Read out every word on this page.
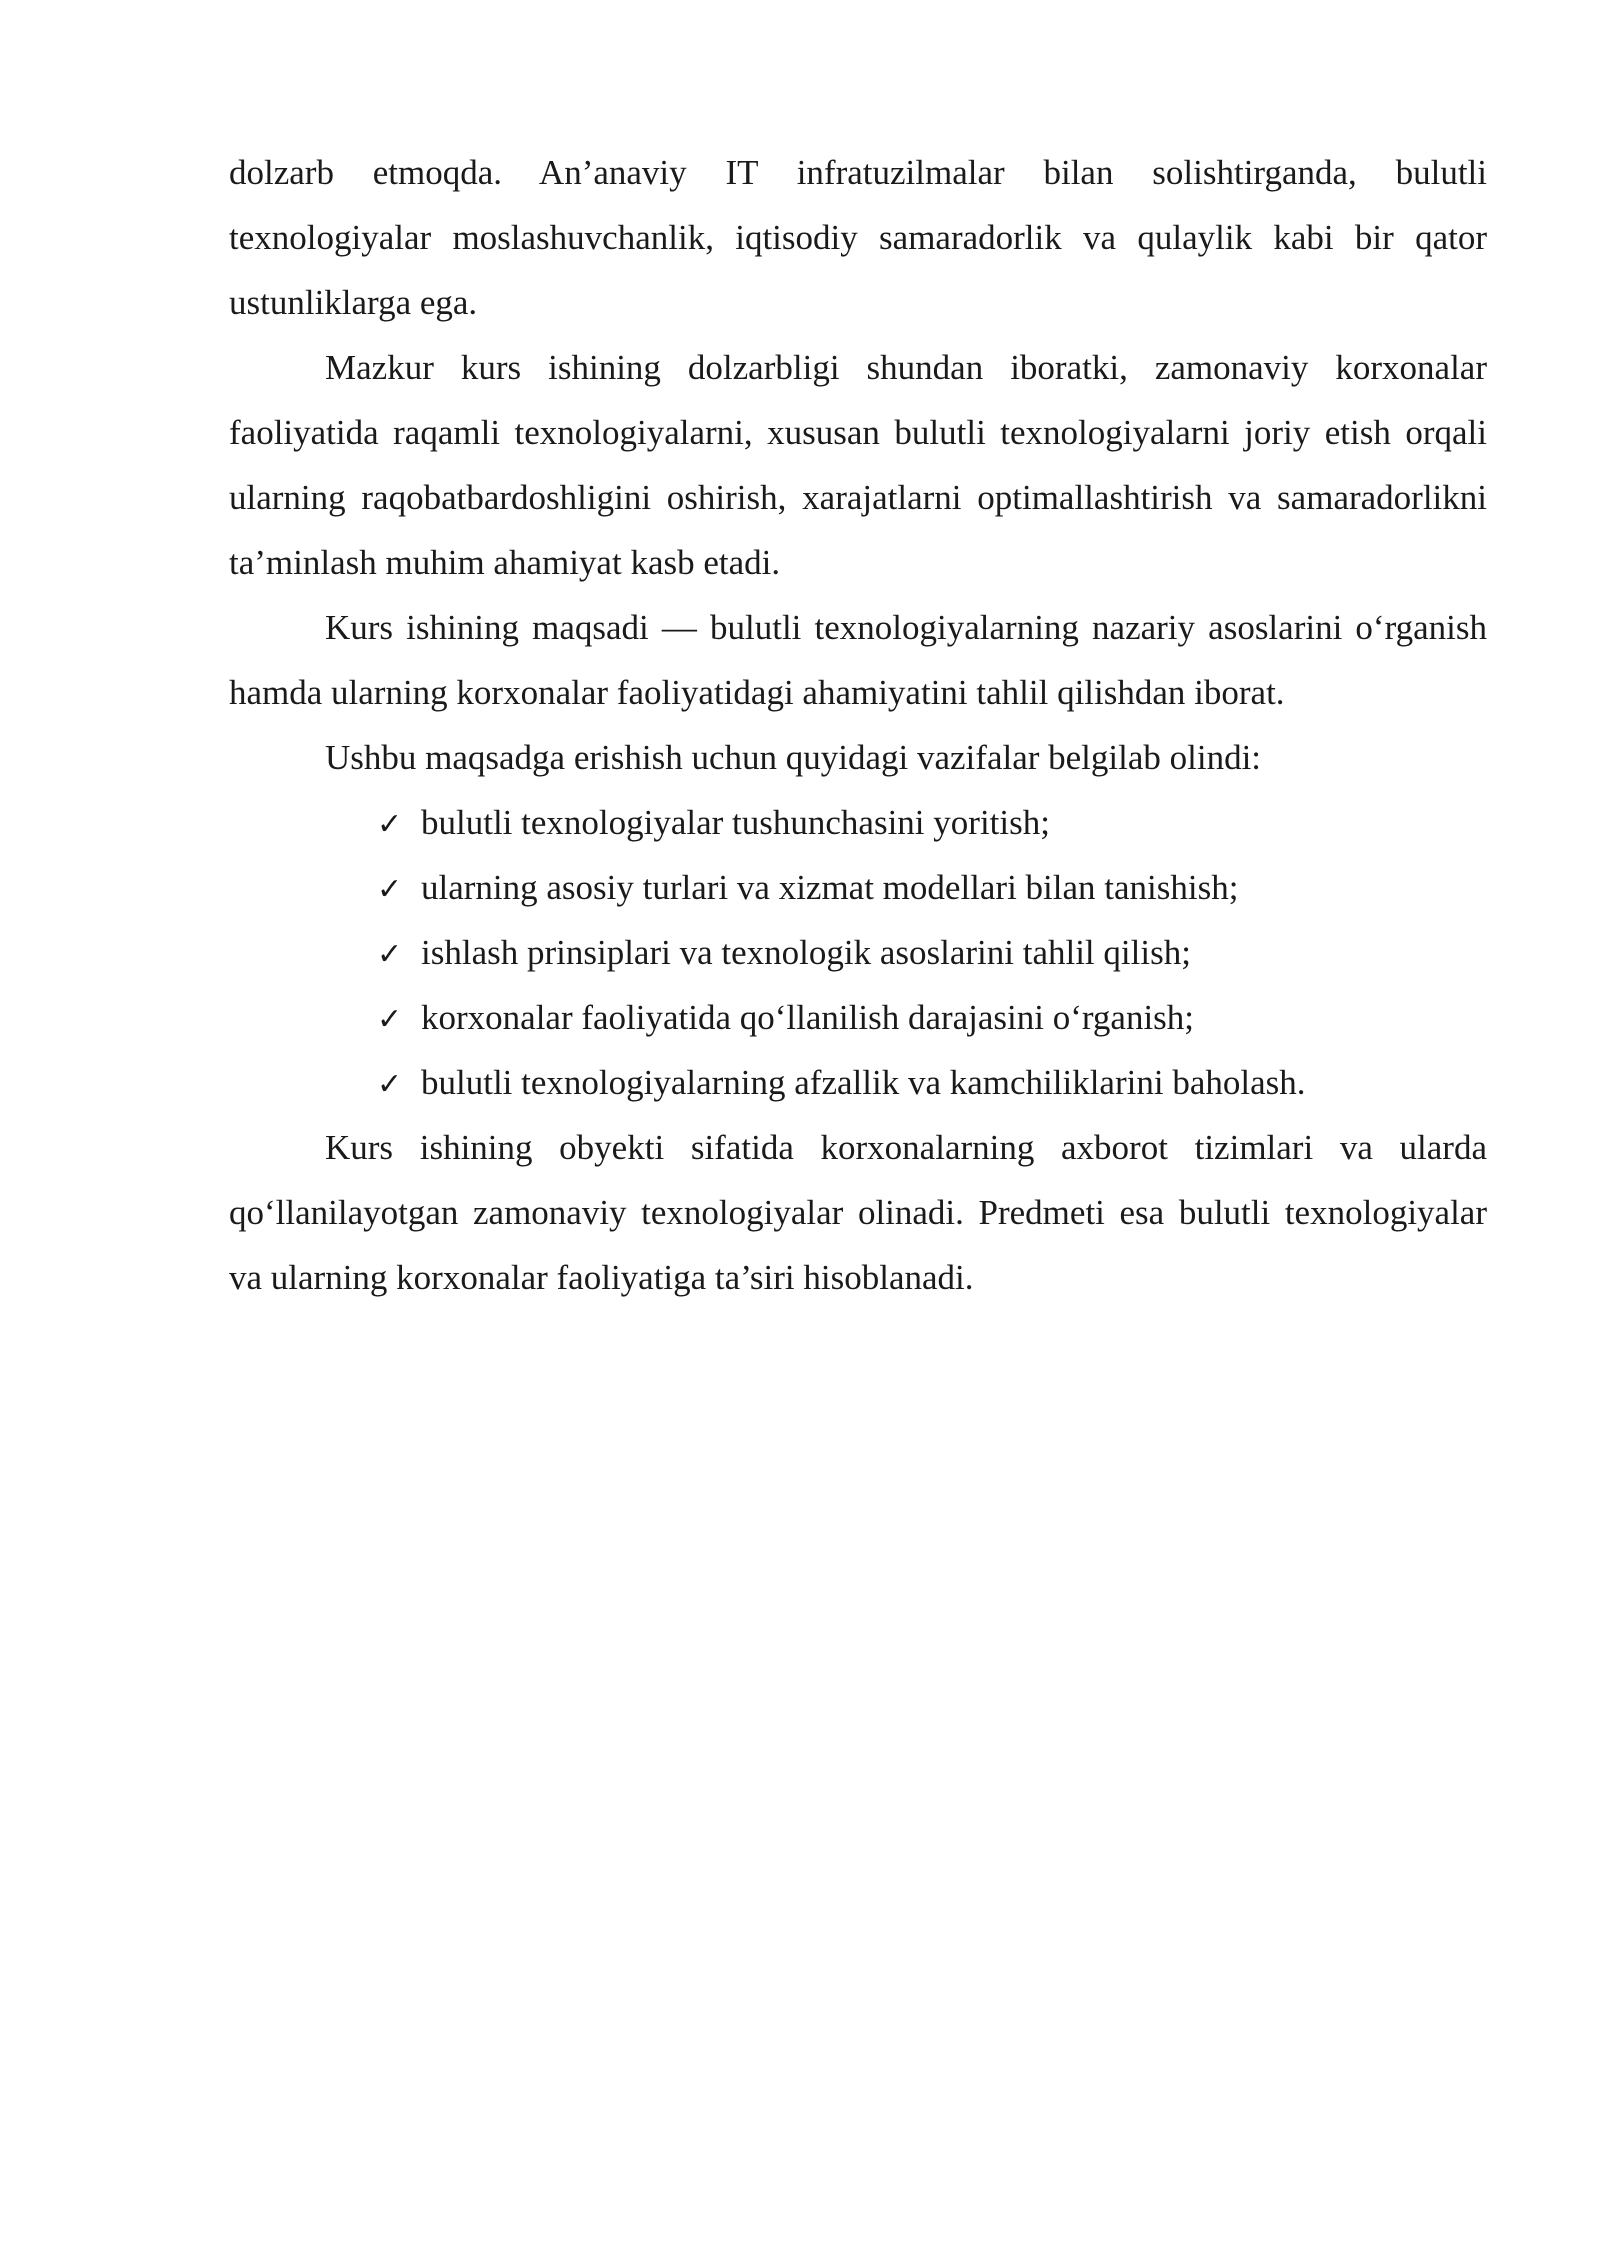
dolzarb etmoqda. An’anaviy IT infratuzilmalar bilan solishtirganda, bulutli texnologiyalar moslashuvchanlik, iqtisodiy samaradorlik va qulaylik kabi bir qator ustunliklarga ega.

Mazkur kurs ishining dolzarbligi shundan iboratki, zamonaviy korxonalar faoliyatida raqamli texnologiyalarni, xususan bulutli texnologiyalarni joriy etish orqali ularning raqobatbardoshligini oshirish, xarajatlarni optimallashtirish va samaradorlikni ta’minlash muhim ahamiyat kasb etadi.

Kurs ishining maqsadi — bulutli texnologiyalarning nazariy asoslarini o‘rganish hamda ularning korxonalar faoliyatidagi ahamiyatini tahlil qilishdan iborat.

Ushbu maqsadga erishish uchun quyidagi vazifalar belgilab olindi:

✓ bulutli texnologiyalar tushunchasini yoritish;
✓ ularning asosiy turlari va xizmat modellari bilan tanishish;
✓ ishlash prinsiplari va texnologik asoslarini tahlil qilish;
✓ korxonalar faoliyatida qo‘llanilish darajasini o‘rganish;
✓ bulutli texnologiyalarning afzallik va kamchiliklarini baholash.

Kurs ishining obyekti sifatida korxonalarning axborot tizimlari va ularda qo‘llanilayotgan zamonaviy texnologiyalar olinadi. Predmeti esa bulutli texnologiyalar va ularning korxonalar faoliyatiga ta’siri hisoblanadi.
